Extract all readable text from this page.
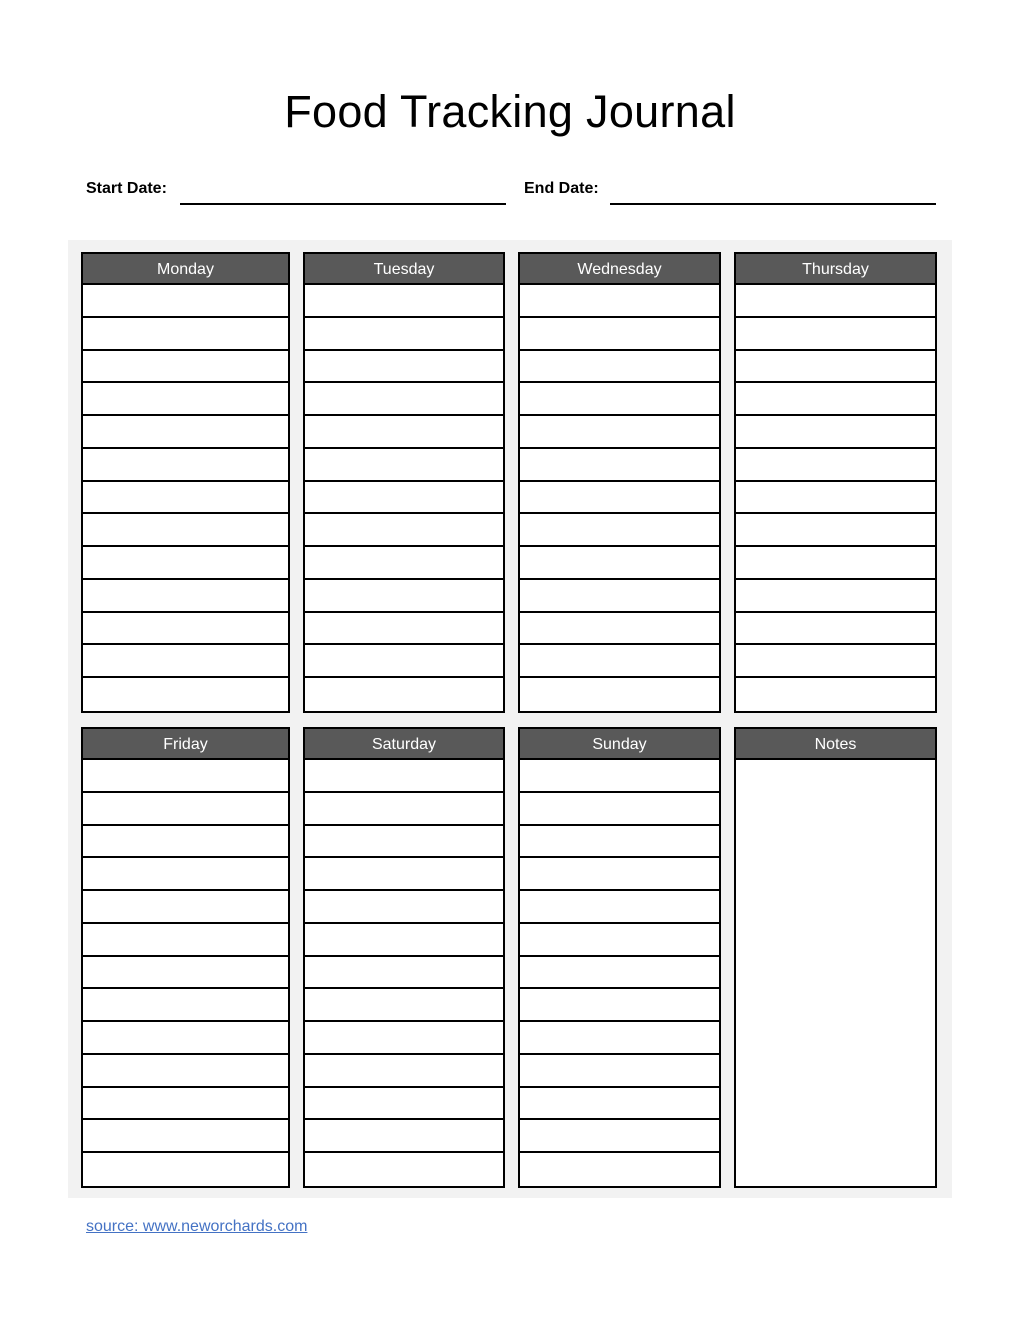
Food Tracking Journal
Start Date:	End Date:
Monday	Tuesday	Wednesday	Thursday
Friday	Saturday	Sunday	Notes
source: www.neworchards.com
